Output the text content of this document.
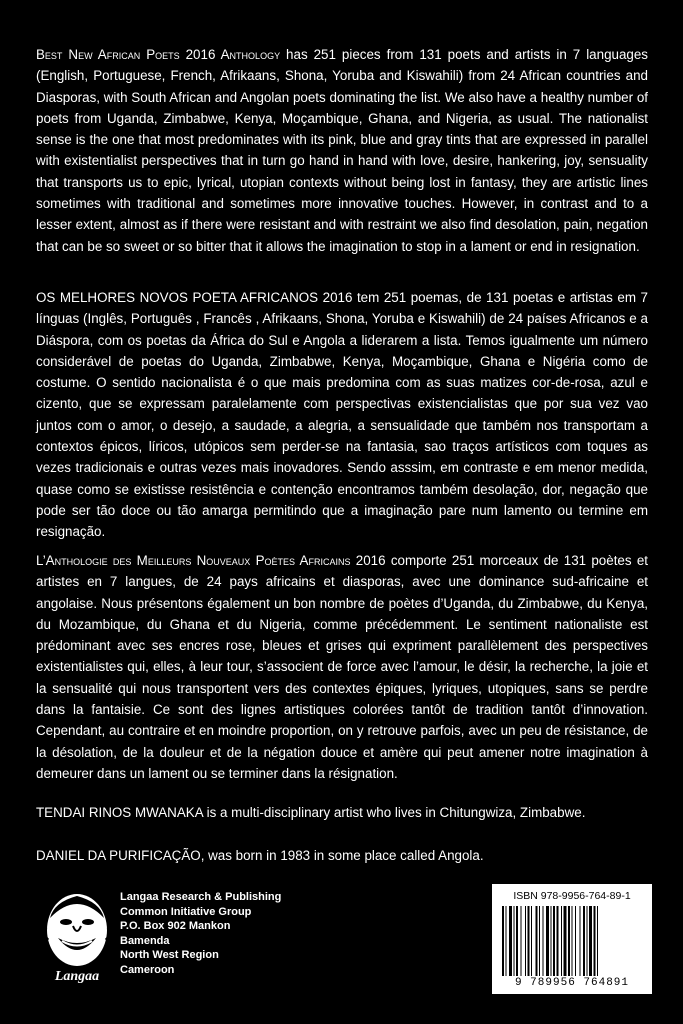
Best New African Poets 2016 Anthology has 251 pieces from 131 poets and artists in 7 languages (English, Portuguese, French, Afrikaans, Shona, Yoruba and Kiswahili) from 24 African countries and Diasporas, with South African and Angolan poets dominating the list. We also have a healthy number of poets from Uganda, Zimbabwe, Kenya, Moçambique, Ghana, and Nigeria, as usual. The nationalist sense is the one that most predominates with its pink, blue and gray tints that are expressed in parallel with existentialist perspectives that in turn go hand in hand with love, desire, hankering, joy, sensuality that transports us to epic, lyrical, utopian contexts without being lost in fantasy, they are artistic lines sometimes with traditional and sometimes more innovative touches. However, in contrast and to a lesser extent, almost as if there were resistant and with restraint we also find desolation, pain, negation that can be so sweet or so bitter that it allows the imagination to stop in a lament or end in resignation.
OS MELHORES NOVOS POETA AFRICANOS 2016 tem 251 poemas, de 131 poetas e artistas em 7 línguas (Inglês, Português , Francês , Afrikaans, Shona, Yoruba e Kiswahili) de 24 países Africanos e a Diáspora, com os poetas da África do Sul e Angola a liderarem a lista. Temos igualmente um número considerável de poetas do Uganda, Zimbabwe, Kenya, Moçambique, Ghana e Nigéria como de costume. O sentido nacionalista é o que mais predomina com as suas matizes cor-de-rosa, azul e cizento, que se expressam paralelamente com perspectivas existencialistas que por sua vez vao juntos com o amor, o desejo, a saudade, a alegria, a sensualidade que também nos transportam a contextos épicos, líricos, utópicos sem perder-se na fantasia, sao traços artísticos com toques as vezes tradicionais e outras vezes mais inovadores. Sendo asssim, em contraste e em menor medida, quase como se existisse resistência e contenção encontramos também desolação, dor, negação que pode ser tão doce ou tão amarga permitindo que a imaginação pare num lamento ou termine em resignação.
L’Anthologie des Meilleurs Nouveaux Poètes Africains 2016 comporte 251 morceaux de 131 poètes et artistes en 7 langues, de 24 pays africains et diasporas, avec une dominance sud-africaine et angolaise. Nous présentons également un bon nombre de poètes d’Uganda, du Zimbabwe, du Kenya, du Mozambique, du Ghana et du Nigeria, comme précédemment. Le sentiment nationaliste est prédominant avec ses encres rose, bleues et grises qui expriment parallèlement des perspectives existentialistes qui, elles, à leur tour, s’associent de force avec l’amour, le désir, la recherche, la joie et la sensualité qui nous transportent vers des contextes épiques, lyriques, utopiques, sans se perdre dans la fantaisie. Ce sont des lignes artistiques colorées tantôt de tradition tantôt d’innovation. Cependant, au contraire et en moindre proportion, on y retrouve parfois, avec un peu de résistance, de la désolation, de la douleur et de la négation douce et amère qui peut amener notre imagination à demeurer dans un lament ou se terminer dans la résignation.
TENDAI RINOS MWANAKA is a multi-disciplinary artist who lives in Chitungwiza, Zimbabwe.
DANIEL DA PURIFICAÇÃO, was born in 1983 in some place called Angola.
Langaa
Langaa Research & Publishing
Common Initiative Group
P.O. Box 902 Mankon
Bamenda
North West Region
Cameroon
ISBN 978-9956-764-89-1
9 789956 764891
